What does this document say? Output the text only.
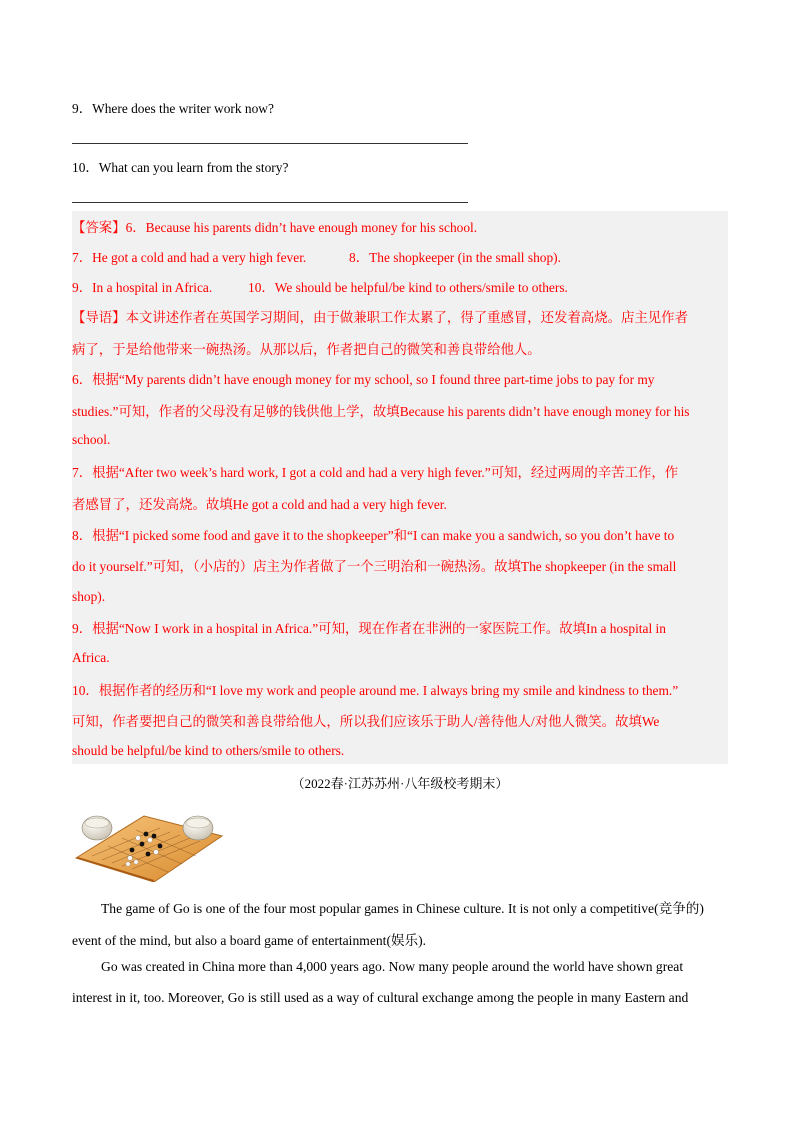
9．Where does the writer work now?
10．What can you learn from the story?
【答案】6．Because his parents didn’t have enough money for his school.
7．He got a cold and had a very high fever.	8．The shopkeeper (in the small shop).
9．In a hospital in Africa.	10．We should be helpful/be kind to others/smile to others.
【导语】本文讲述作者在英国学习期间，由于做兼职工作太累了，得了重感冒，还发着高烧。店主见作者
病了，于是给他带来一碗热汤。从那以后，作者把自己的微笑和善良带给他人。
6．根据“My parents didn’t have enough money for my school, so I found three part-time jobs to pay for my
studies.”可知，作者的父母没有足够的钱供他上学，故填Because his parents didn’t have enough money for his
school.
7．根据“After two week’s hard work, I got a cold and had a very high fever.”可知，经过两周的辛苦工作，作
者感冒了，还发高烧。故填He got a cold and had a very high fever.
8．根据“I picked some food and gave it to the shopkeeper”和“I can make you a sandwich, so you don’t have to
do it yourself.”可知，（小店的）店主为作者做了一个三明治和一碗热汤。故填The shopkeeper (in the small
shop).
9．根据“Now I work in a hospital in Africa.”可知，现在作者在非洲的一家医院工作。故填In a hospital in
Africa.
10．根据作者的经历和“I love my work and people around me. I always bring my smile and kindness to them.”
可知，作者要把自己的微笑和善良带给他人，所以我们应该乐于助人/善待他人/对他人微笑。故填We
should be helpful/be kind to others/smile to others.
（2022春·江苏苏州·八年级校考期末）
The game of Go is one of the four most popular games in Chinese culture. It is not only a competitive(竞争的)
event of the mind, but also a board game of entertainment(娱乐).
Go was created in China more than 4,000 years ago. Now many people around the world have shown great
interest in it, too. Moreover, Go is still used as a way of cultural exchange among the people in many Eastern and
